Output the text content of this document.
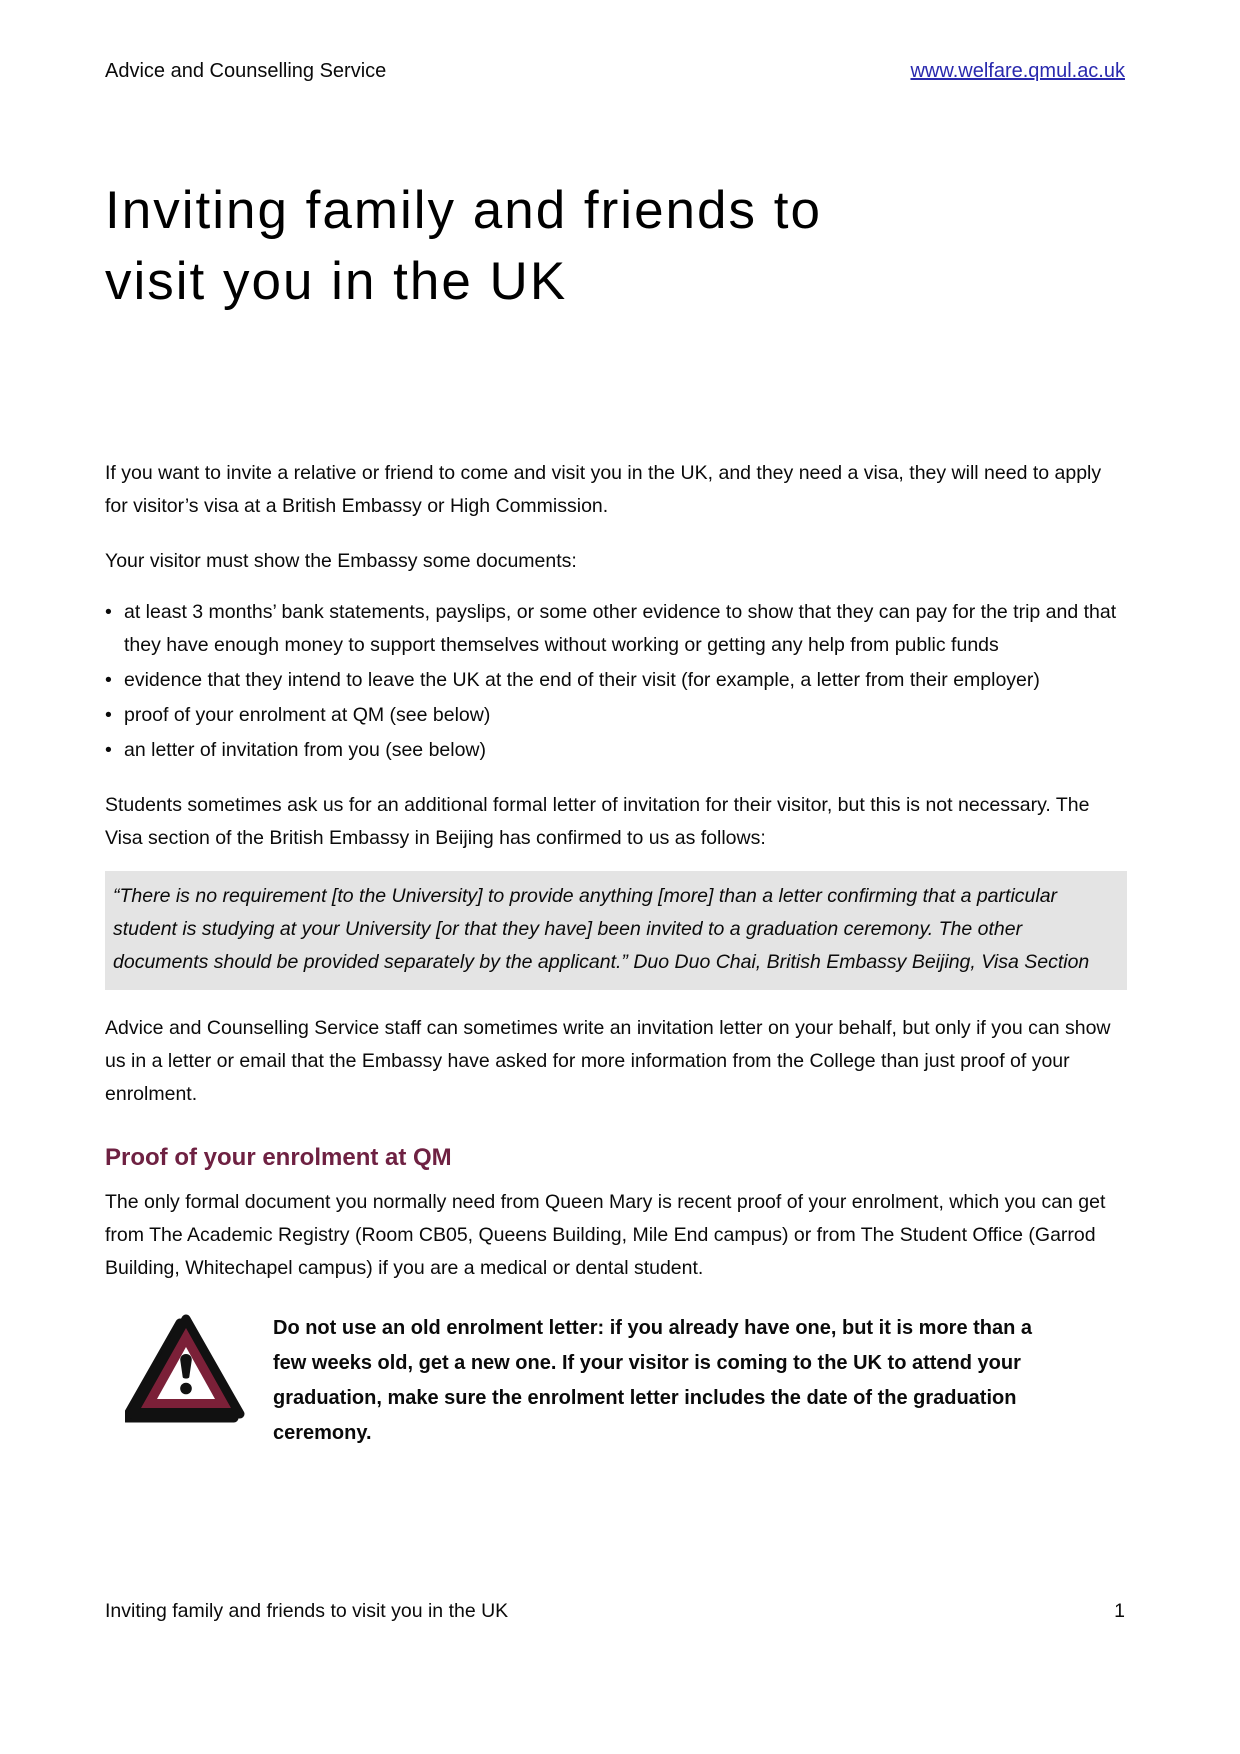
Advice and Counselling Service	www.welfare.qmul.ac.uk
Inviting family and friends to
visit you in the UK

If you want to invite a relative or friend to come and visit you in the UK, and they need a visa, they will need to apply for visitor’s visa at a British Embassy or High Commission.

Your visitor must show the Embassy some documents:

• at least 3 months’ bank statements, payslips, or some other evidence to show that they can pay for the trip and that they have enough money to support themselves without working or getting any help from public funds
• evidence that they intend to leave the UK at the end of their visit (for example, a letter from their employer)
• proof of your enrolment at QM (see below)
• an letter of invitation from you (see below)

Students sometimes ask us for an additional formal letter of invitation for their visitor, but this is not necessary. The Visa section of the British Embassy in Beijing has confirmed to us as follows:

“There is no requirement [to the University] to provide anything [more] than a letter confirming that a particular student is studying at your University [or that they have] been invited to a graduation ceremony. The other documents should be provided separately by the applicant.” Duo Duo Chai, British Embassy Beijing, Visa Section

Advice and Counselling Service staff can sometimes write an invitation letter on your behalf, but only if you can show us in a letter or email that the Embassy have asked for more information from the College than just proof of your enrolment.

Proof of your enrolment at QM

The only formal document you normally need from Queen Mary is recent proof of your enrolment, which you can get from The Academic Registry (Room CB05, Queens Building, Mile End campus) or from The Student Office (Garrod Building, Whitechapel campus) if you are a medical or dental student.

Do not use an old enrolment letter: if you already have one, but it is more than a few weeks old, get a new one. If your visitor is coming to the UK to attend your graduation, make sure the enrolment letter includes the date of the graduation ceremony.
Inviting family and friends to visit you in the UK	1
